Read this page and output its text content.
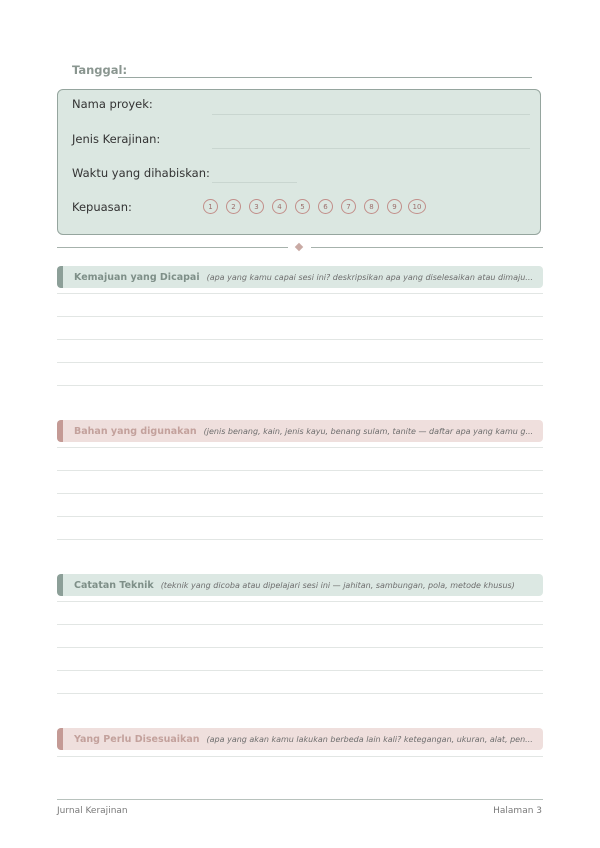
Tanggal:
Nama proyek:
Jenis Kerajinan:
Waktu yang dihabiskan:
Kepuasan:	1	2	3	4	5	6	7	8	9	10
Kemajuan yang Dicapai (apa yang kamu capai sesi ini? deskripsikan apa yang diselesaikan atau dimaju...
Bahan yang digunakan (jenis benang, kain, jenis kayu, benang sulam, tanite — daftar apa yang kamu g...
Catatan Teknik (teknik yang dicoba atau dipelajari sesi ini — jahitan, sambungan, pola, metode khusus)
Yang Perlu Disesuaikan (apa yang akan kamu lakukan berbeda lain kali? ketegangan, ukuran, alat, pen...
Jurnal Kerajinan	Halaman 3
